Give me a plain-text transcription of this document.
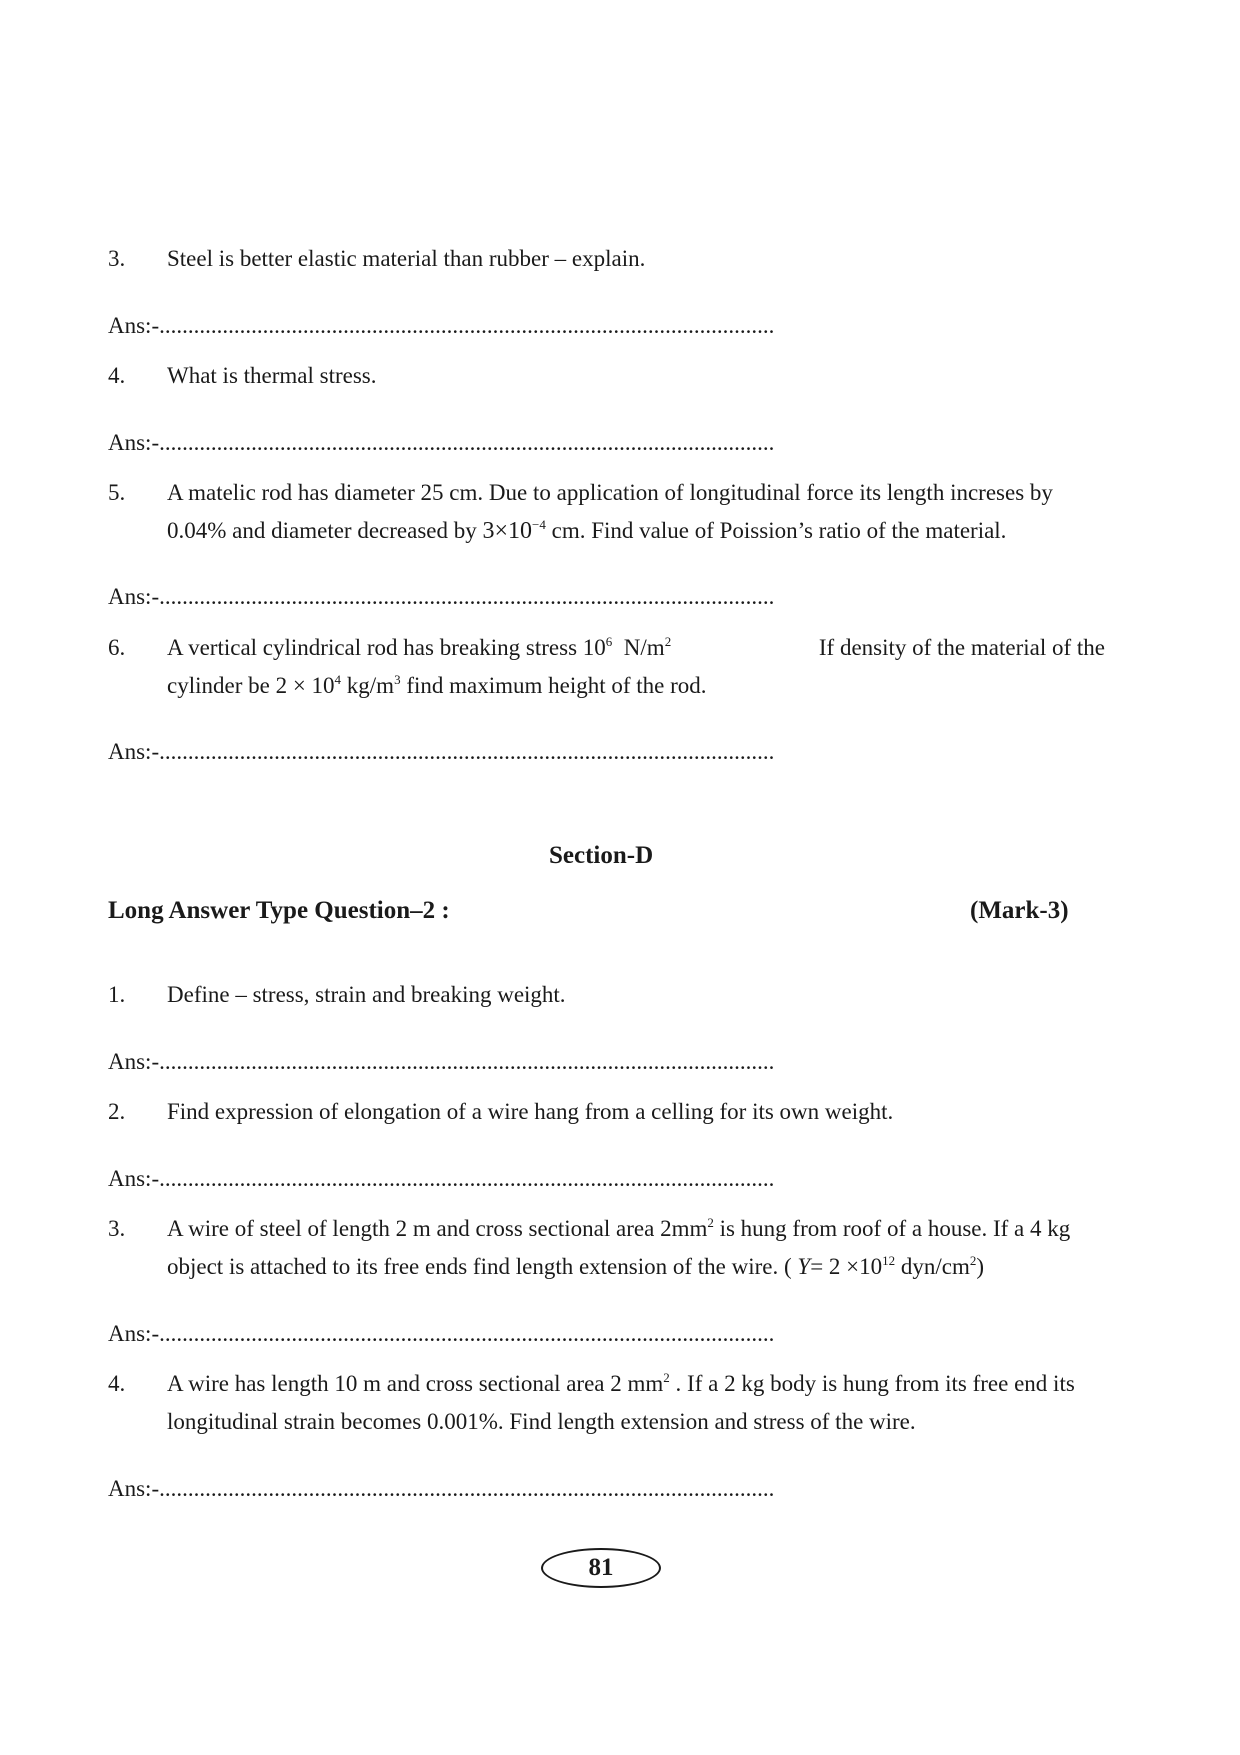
3. Steel is better elastic material than rubber – explain.
Ans:-...........................................................................................................
4. What is thermal stress.
Ans:-...........................................................................................................
5. A matelic rod has diameter 25 cm. Due to application of longitudinal force its length increses by
0.04% and diameter decreased by $3\times 10^{-4}$ cm. Find value of Poission’s ratio of the material.
Ans:-...........................................................................................................
6. A vertical cylindrical rod has breaking stress $10^6$ $N/m^2$	If density of the material of the
cylinder be $2 \times 10^4$ $kg/m^3$ find maximum height of the rod.
Ans:-...........................................................................................................
Section-D
Long Answer Type Question–2 :	(Mark-3)
1. Define – stress, strain and breaking weight.
Ans:-...........................................................................................................
2. Find expression of elongation of a wire hang from a celling for its own weight.
Ans:-...........................................................................................................
3. A wire of steel of length 2 m and cross sectional area $2mm^2$ is hung from roof of a house. If a 4 kg
object is attached to its free ends find length extension of the wire. ( $Y= 2 \times 10^{12}$ dyn/$cm^2$)
Ans:-...........................................................................................................
4. A wire has length 10 m and cross sectional area 2 $mm^2$ . If a 2 kg body is hung from its free end its
longitudinal strain becomes 0.001%. Find length extension and stress of the wire.
Ans:-...........................................................................................................
81
